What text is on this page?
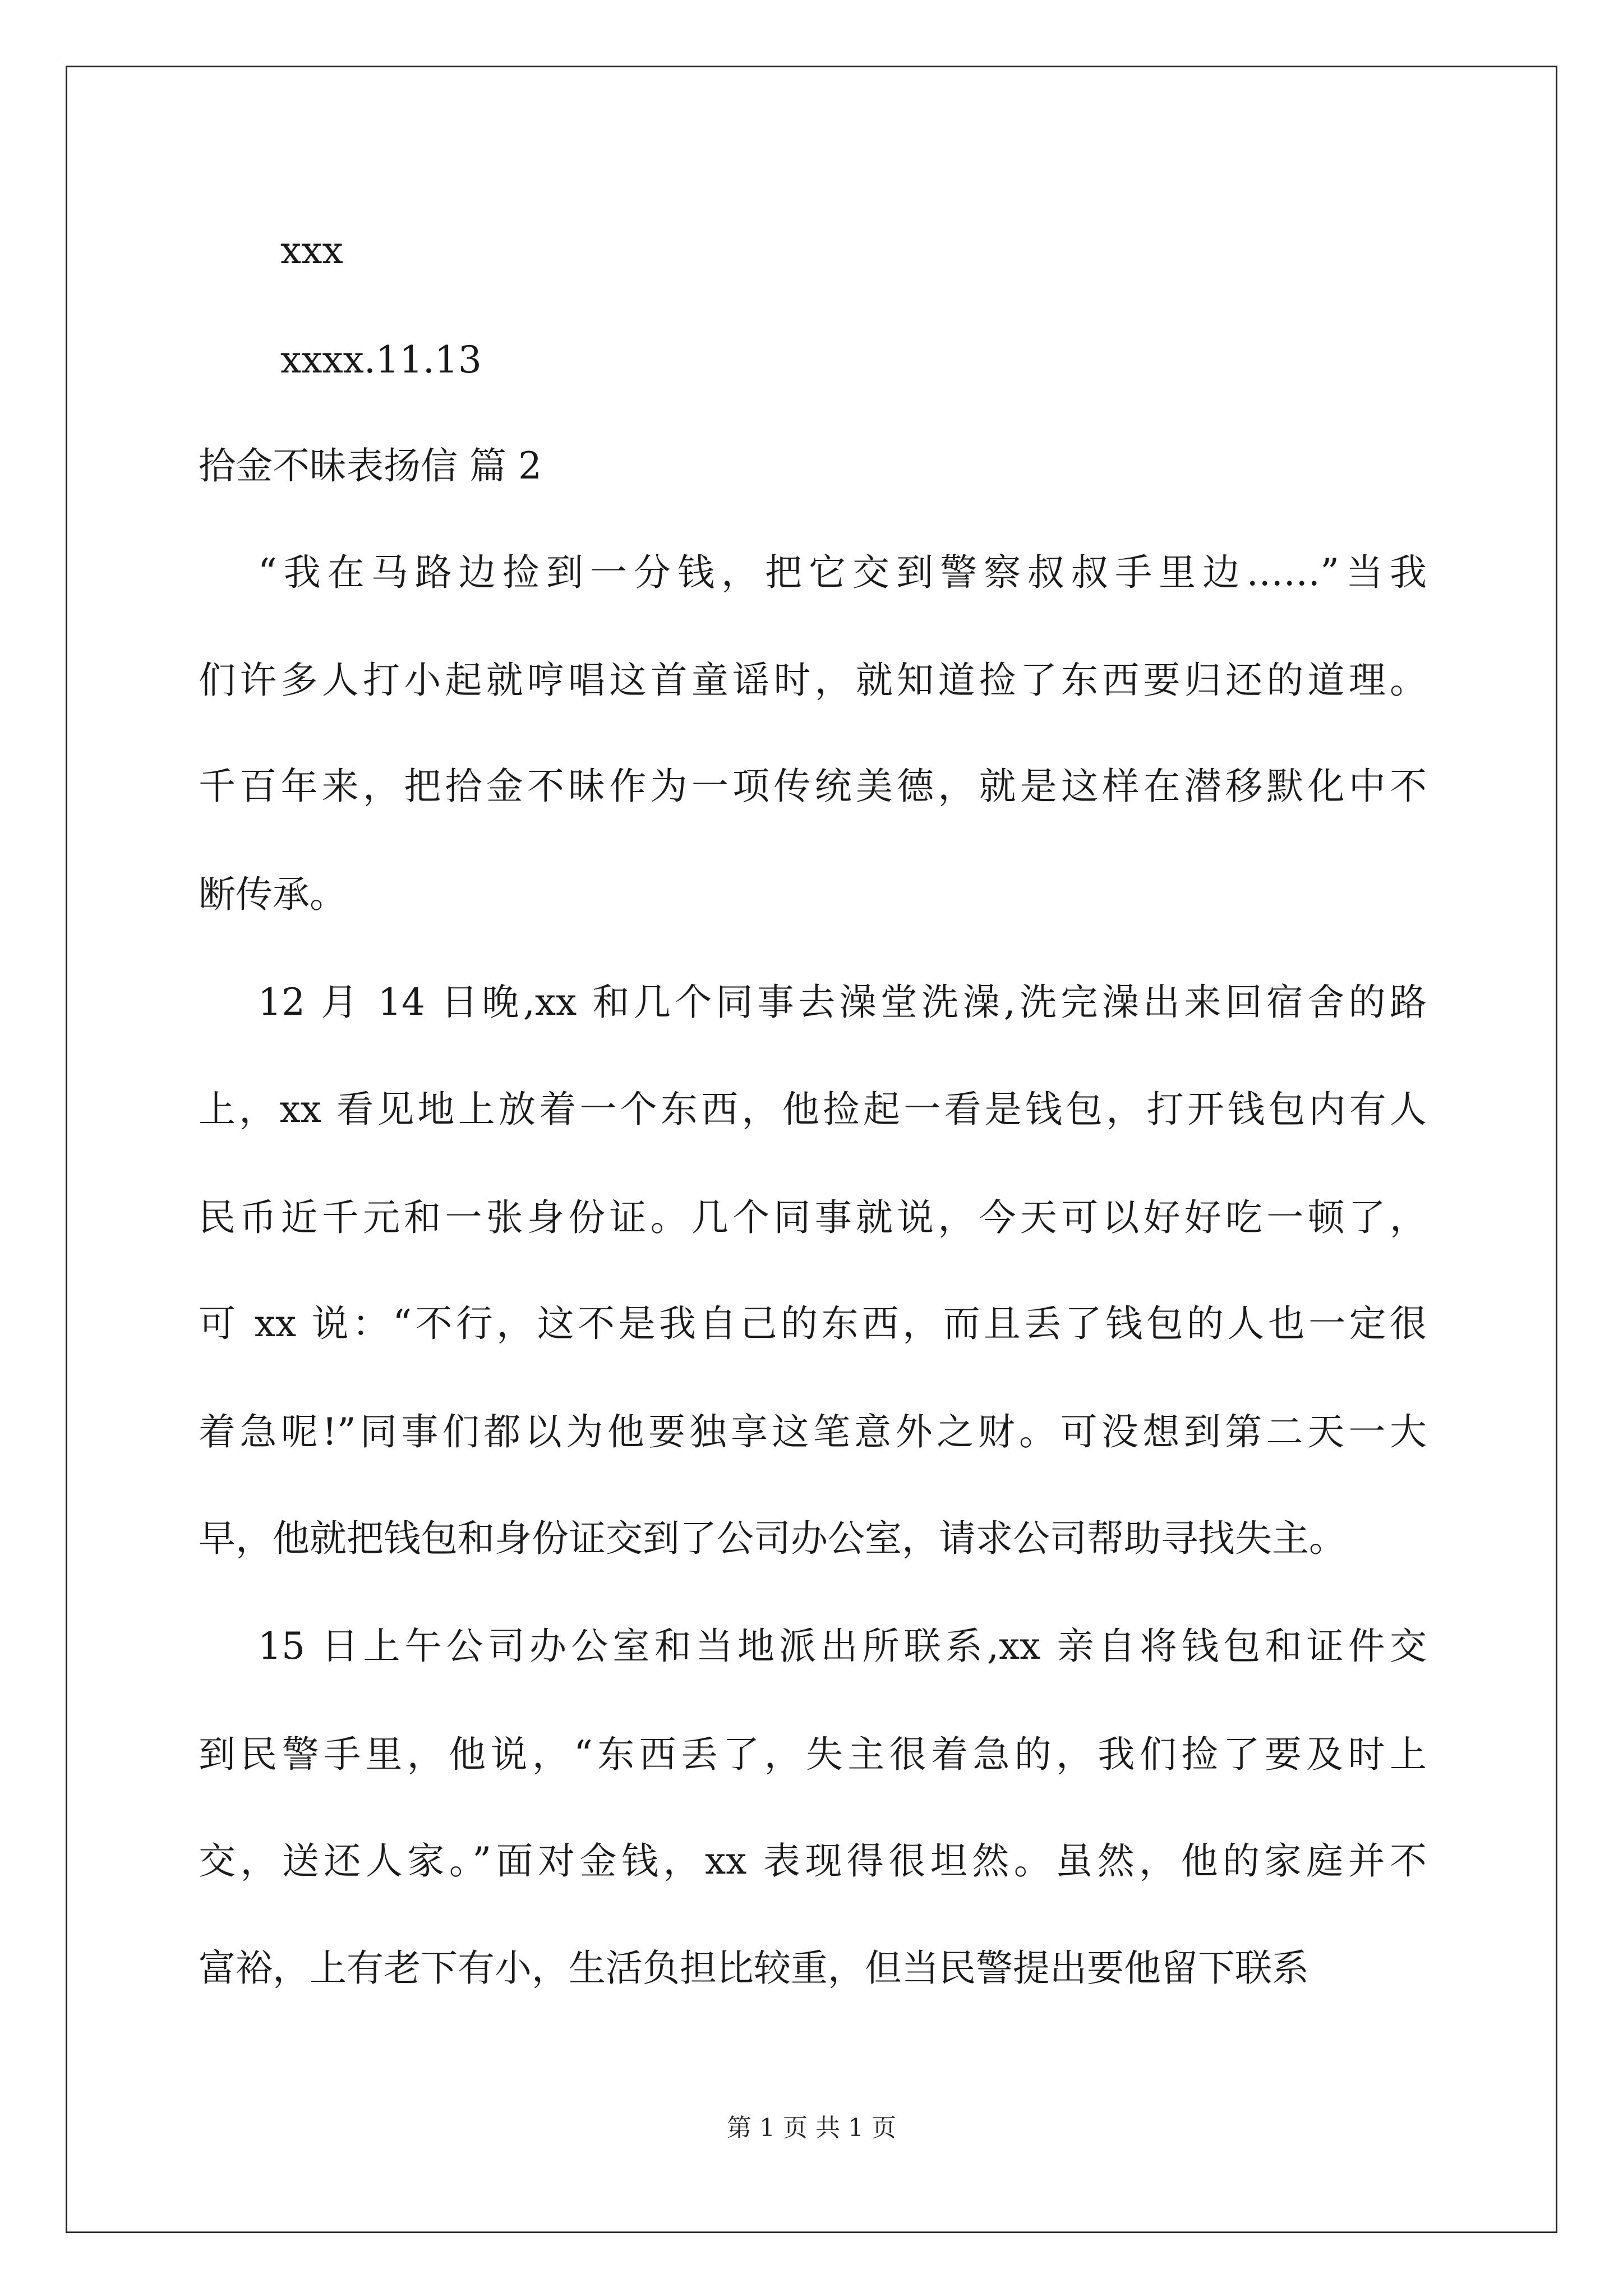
xxx
xxxx.11.13
拾金不昧表扬信 篇 2
“我在马路边捡到一分钱，把它交到警察叔叔手里边……”当我
们许多人打小起就哼唱这首童谣时，就知道捡了东西要归还的道理。
千百年来，把拾金不昧作为一项传统美德，就是这样在潜移默化中不
断传承。
12 月 14 日晚,xx 和几个同事去澡堂洗澡,洗完澡出来回宿舍的路
上，xx 看见地上放着一个东西，他捡起一看是钱包，打开钱包内有人
民币近千元和一张身份证。几个同事就说，今天可以好好吃一顿了，
可 xx 说：“不行，这不是我自己的东西，而且丢了钱包的人也一定很
着急呢!”同事们都以为他要独享这笔意外之财。可没想到第二天一大
早，他就把钱包和身份证交到了公司办公室，请求公司帮助寻找失主。
15 日上午公司办公室和当地派出所联系,xx 亲自将钱包和证件交
到民警手里，他说，“东西丢了，失主很着急的，我们捡了要及时上
交，送还人家。”面对金钱，xx 表现得很坦然。虽然，他的家庭并不
富裕，上有老下有小，生活负担比较重，但当民警提出要他留下联系
第 1 页 共 1 页
